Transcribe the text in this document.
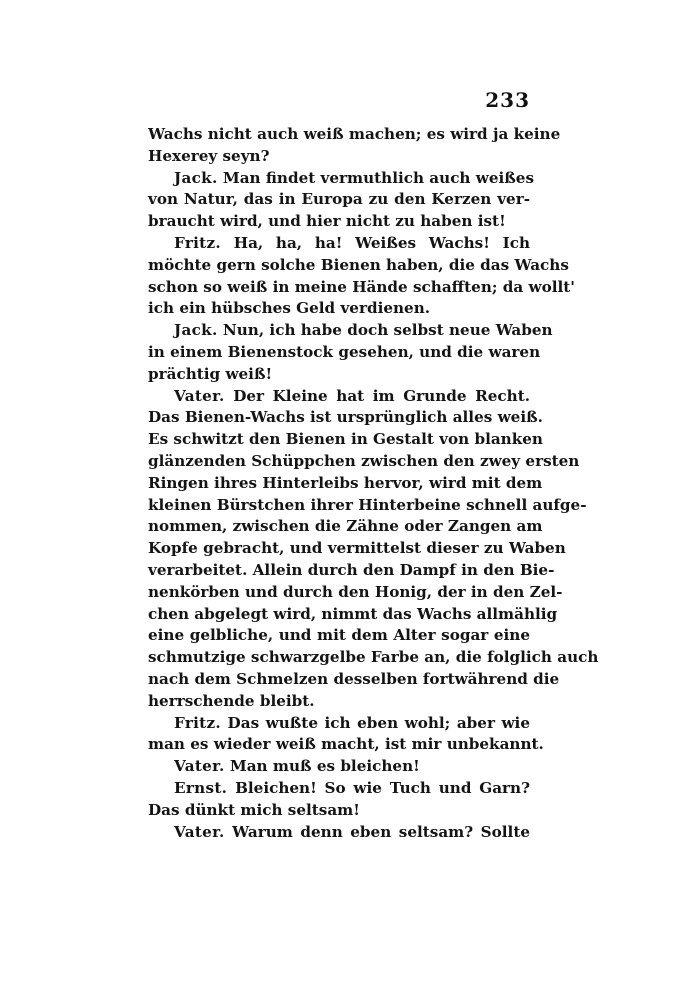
233
Wachs nicht auch weiß machen; es wird ja keine
Hexerey seyn?
Jack. Man findet vermuthlich auch weißes
von Natur, das in Europa zu den Kerzen ver-
braucht wird, und hier nicht zu haben ist!
Fritz. Ha, ha, ha! Weißes Wachs! Ich
möchte gern solche Bienen haben, die das Wachs
schon so weiß in meine Hände schafften; da wollt'
ich ein hübsches Geld verdienen.
Jack. Nun, ich habe doch selbst neue Waben
in einem Bienenstock gesehen, und die waren
prächtig weiß!
Vater. Der Kleine hat im Grunde Recht.
Das Bienen-Wachs ist ursprünglich alles weiß.
Es schwitzt den Bienen in Gestalt von blanken
glänzenden Schüppchen zwischen den zwey ersten
Ringen ihres Hinterleibs hervor, wird mit dem
kleinen Bürstchen ihrer Hinterbeine schnell aufge-
nommen, zwischen die Zähne oder Zangen am
Kopfe gebracht, und vermittelst dieser zu Waben
verarbeitet. Allein durch den Dampf in den Bie-
nenkörben und durch den Honig, der in den Zel-
chen abgelegt wird, nimmt das Wachs allmählig
eine gelbliche, und mit dem Alter sogar eine
schmutzige schwarzgelbe Farbe an, die folglich auch
nach dem Schmelzen desselben fortwährend die
herrschende bleibt.
Fritz. Das wußte ich eben wohl; aber wie
man es wieder weiß macht, ist mir unbekannt.
Vater. Man muß es bleichen!
Ernst. Bleichen! So wie Tuch und Garn?
Das dünkt mich seltsam!
Vater. Warum denn eben seltsam? Sollte
